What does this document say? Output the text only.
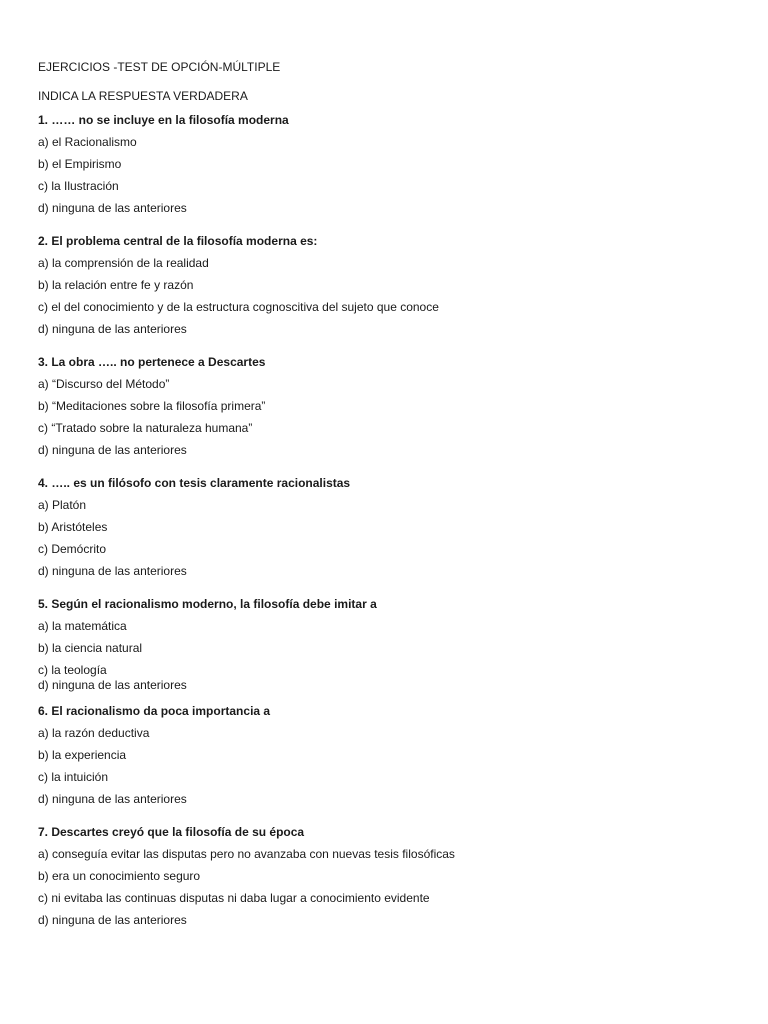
EJERCICIOS -TEST DE OPCIÓN-MÚLTIPLE
INDICA LA RESPUESTA VERDADERA
1. …… no se incluye en la filosofía moderna
a) el Racionalismo
b) el Empirismo
c) la Ilustración
d) ninguna de las anteriores
2. El problema central de la filosofía moderna es:
a) la comprensión de la realidad
b) la relación entre fe y razón
c) el del conocimiento y de la estructura cognoscitiva del sujeto que conoce
d) ninguna de las anteriores
3. La obra ….. no pertenece a Descartes
a) “Discurso del Método”
b) “Meditaciones sobre la filosofía primera”
c) “Tratado sobre la naturaleza humana”
d) ninguna de las anteriores
4. ….. es un filósofo con tesis claramente racionalistas
a) Platón
b) Aristóteles
c) Demócrito
d) ninguna de las anteriores
5. Según el racionalismo moderno, la filosofía debe imitar a
a) la matemática
b) la ciencia natural
c) la teología
d) ninguna de las anteriores
6. El racionalismo da poca importancia a
a) la razón deductiva
b) la experiencia
c) la intuición
d) ninguna de las anteriores
7. Descartes creyó que la filosofía de su época
a) conseguía evitar las disputas pero no avanzaba con nuevas tesis filosóficas
b) era un conocimiento seguro
c) ni evitaba las continuas disputas ni daba lugar a conocimiento evidente
d) ninguna de las anteriores
